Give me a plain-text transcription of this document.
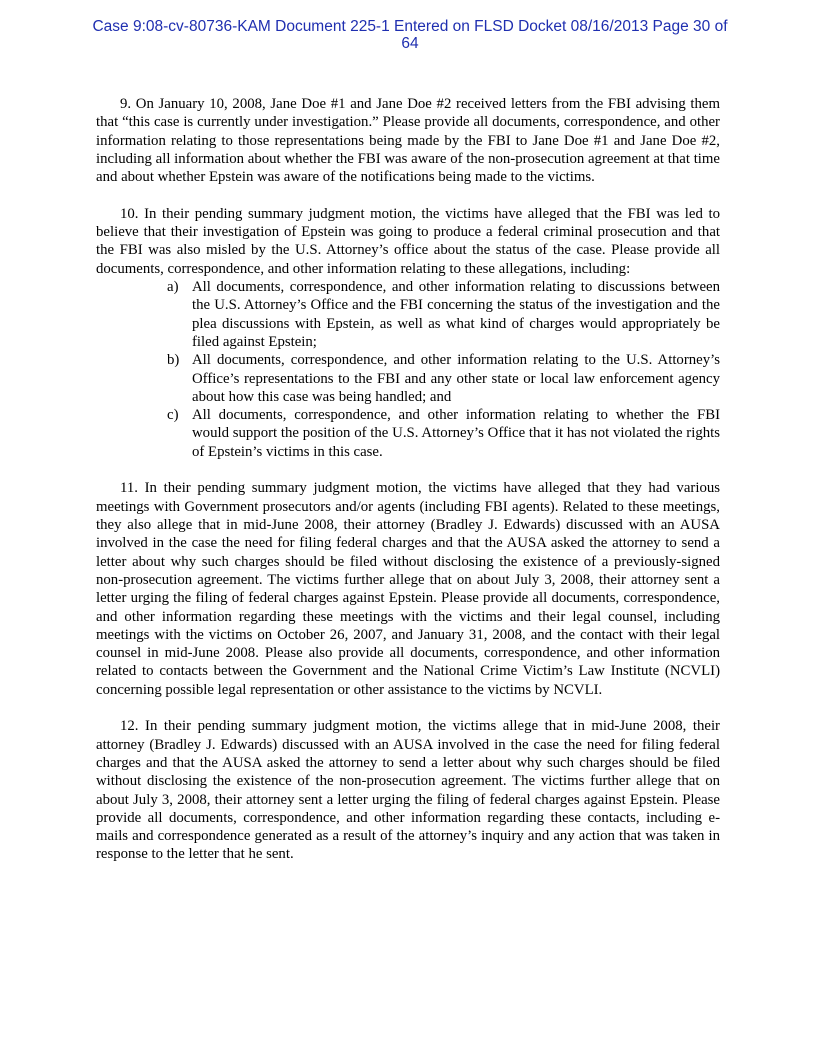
Case 9:08-cv-80736-KAM Document 225-1 Entered on FLSD Docket 08/16/2013 Page 30 of
64

9. On January 10, 2008, Jane Doe #1 and Jane Doe #2 received letters from the FBI advising them that “this case is currently under investigation.” Please provide all documents, correspondence, and other information relating to those representations being made by the FBI to Jane Doe #1 and Jane Doe #2, including all information about whether the FBI was aware of the non-prosecution agreement at that time and about whether Epstein was aware of the notifications being made to the victims.

10. In their pending summary judgment motion, the victims have alleged that the FBI was led to believe that their investigation of Epstein was going to produce a federal criminal prosecution and that the FBI was also misled by the U.S. Attorney’s office about the status of the case. Please provide all documents, correspondence, and other information relating to these allegations, including:

a) All documents, correspondence, and other information relating to discussions between the U.S. Attorney’s Office and the FBI concerning the status of the investigation and the plea discussions with Epstein, as well as what kind of charges would appropriately be filed against Epstein;
b) All documents, correspondence, and other information relating to the U.S. Attorney’s Office’s representations to the FBI and any other state or local law enforcement agency about how this case was being handled; and
c) All documents, correspondence, and other information relating to whether the FBI would support the position of the U.S. Attorney’s Office that it has not violated the rights of Epstein’s victims in this case.

11. In their pending summary judgment motion, the victims have alleged that they had various meetings with Government prosecutors and/or agents (including FBI agents). Related to these meetings, they also allege that in mid-June 2008, their attorney (Bradley J. Edwards) discussed with an AUSA involved in the case the need for filing federal charges and that the AUSA asked the attorney to send a letter about why such charges should be filed without disclosing the existence of a previously-signed non-prosecution agreement. The victims further allege that on about July 3, 2008, their attorney sent a letter urging the filing of federal charges against Epstein. Please provide all documents, correspondence, and other information regarding these meetings with the victims and their legal counsel, including meetings with the victims on October 26, 2007, and January 31, 2008, and the contact with their legal counsel in mid-June 2008. Please also provide all documents, correspondence, and other information related to contacts between the Government and the National Crime Victim’s Law Institute (NCVLI) concerning possible legal representation or other assistance to the victims by NCVLI.

12. In their pending summary judgment motion, the victims allege that in mid-June 2008, their attorney (Bradley J. Edwards) discussed with an AUSA involved in the case the need for filing federal charges and that the AUSA asked the attorney to send a letter about why such charges should be filed without disclosing the existence of the non-prosecution agreement. The victims further allege that on about July 3, 2008, their attorney sent a letter urging the filing of federal charges against Epstein. Please provide all documents, correspondence, and other information regarding these contacts, including e-mails and correspondence generated as a result of the attorney’s inquiry and any action that was taken in response to the letter that he sent.
